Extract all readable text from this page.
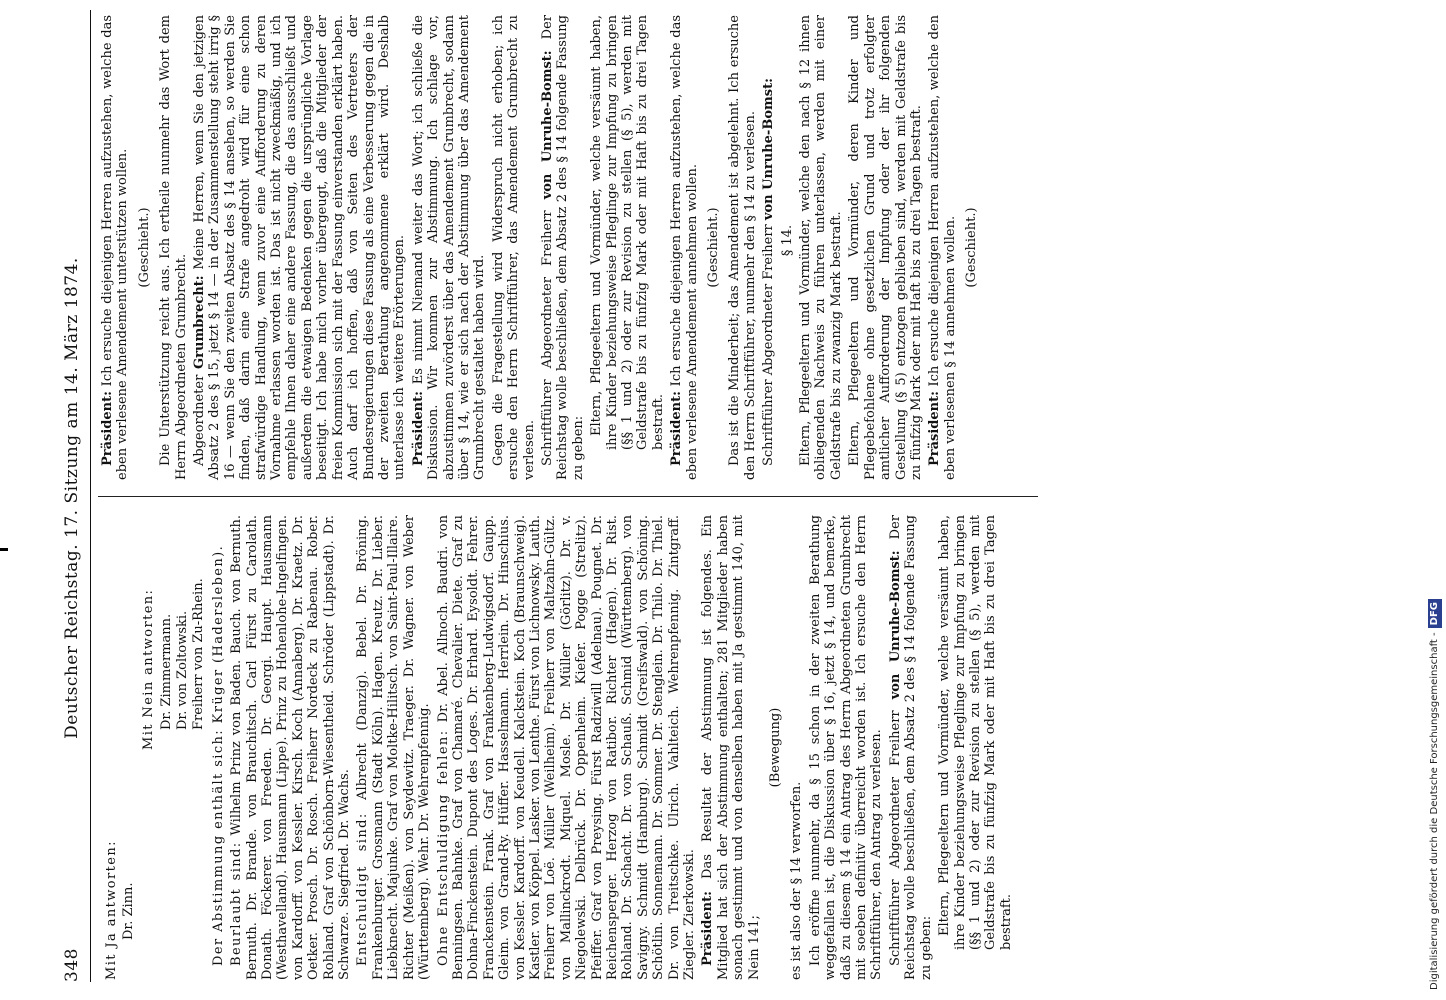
348
Deutscher Reichstag. 17. Sitzung am 14. März 1874.
Mit Ja antworten: Dr. Zinn.
Mit Nein antworten: Dr. Zimmermann. Dr. von Zoltowski. Freiherr von Zu-Rhein. Der Abstimmung enthält sich: Krüger (Hadersleben). Beurlaubt sind: Wilhelm Prinz von Baden. Bauch. von Bernuth. Bernuth. Dr. Brande. von Brauchitsch. Carl Fürst zu Carolath. Donath. Föckerer. von Freeden. Dr. Georgi. Haupt. Hausmann (Westhavelland). Hausmann (Lippe). Prinz zu Hohenlohe-Ingelfingen. von Kardorff. von Kessler. Kirsch. Koch (Annaberg). Dr. Kraetz. Dr. Oetker. Prosch. Dr. Rosch. Freiherr Nordeck zu Rabenau. Rober. Rohland. Graf von Schönborn-Wiesentheid. Schröder (Lippstadt). Dr. Schwarze. Siegfried. Dr. Wachs. Entschuldigt sind: Albrecht (Danzig). Bebel. Dr. Bröning. Frankenburger. Grosmann (Stadt Köln). Hagen. Kreutz. Dr. Lieber. Liebknecht. Majunke. Graf von Moltke-Hilitsch. von Saint-Paul-Illaire. Richter (Meißen). von Seydewitz. Traeger. Dr. Wagner. von Weber (Württemberg). Wehr. Dr. Wehrenpfennig. Ohne Entschuldigung fehlen: Dr. Abel. Allnoch. Baudri. von Benningsen. Bahnke. Graf von Chamaré. Chevalier. Diete. Graf zu Dohna-Finckenstein. Dupont des Loges. Dr. Erhard. Eysoldt. Fehrer. Franckenstein. Frank. Graf von Frankenberg-Ludwigsdorf. Gaupp. Gleim. von Grand-Ry. Hüffer. Hasselmann. Herrlein. Dr. Hinschius. von Kessler. Kardorff. von Keudell. Kalckstein. Koch (Braunschweig). Kastler. von Köppel. Lasker. von Lenthe. Fürst von Lichnowsky. Lauth. Freiherr von Loë. Müller (Weilheim). Freiherr von Maltzahn-Gültz. von Mallinckrodt. Miquel. Mosle. Dr. Müller (Görlitz). Dr. v. Niegolewski. Delbrück. Dr. Oppenheim. Kiefer. Pogge (Strelitz). Pfeiffer. Graf von Preysing. Fürst Radziwill (Adelnau). Pougnet. Dr. Reichensperger. Herzog von Ratibor. Richter (Hagen). Dr. Rist. Rohland. Dr. Schacht. Dr. von Schauß. Schmid (Württemberg). von Savigny. Schmidt (Hamburg). Schmidt (Greifswald). von Schöning. Schötlin. Sonnemann. Dr. Sommer. Dr. Stenglein. Dr. Thilo. Dr. Thiel. Dr. von Treitschke. Ulrich. Vahlteich. Wehrenpfennig. Zintgraff. Ziegler. Zierkowski. Präsident: Das Resultat der Abstimmung ist folgendes. Ein Mitglied hat sich der Abstimmung enthalten; 281 Mitglieder haben sonach gestimmt und von denselben haben mit Ja gestimmt 140, mit Nein 141;

(Bewegung)

es ist also der § 14 verworfen. Ich eröffne nunmehr, da § 15 schon in der zweiten Berathung weggefallen ist, die Diskussion über § 16, jetzt § 14, und bemerke, daß zu diesem § 14 ein Antrag des Herrn Abgeordneten Grumbrecht mit soeben definitiv überreicht worden ist. Ich ersuche den Herrn Schriftführer, den Antrag zu verlesen. Schriftführer Abgeordneter Freiherr von Unruhe-Bomst: Der Reichstag wolle beschließen, dem Absatz 2 des § 14 folgende Fassung zu geben:

Eltern, Pflegeeltern und Vormünder, welche versäumt haben, ihre Kinder beziehungsweise Pfleglinge zur Impfung zu bringen (§§ 1 und 2) oder zur Revision zu stellen (§ 5), werden mit Geldstrafe bis zu fünfzig Mark oder mit Haft bis zu drei Tagen bestraft.

Präsident: Ich ersuche diejenigen Herren aufzustehen, welche das eben verlesene Amendement unterstützen wollen. (Geschieht.) Die Unterstützung reicht aus. Ich ertheile nunmehr das Wort dem Herrn Abgeordneten Grumbrecht. Abgeordneter Grumbrecht: Meine Herren, wenn Sie den jetzigen Absatz 2 des § 15, jetzt § 14 — in der Zusammenstellung steht irrig § 16 — wenn Sie den zweiten Absatz des § 14 ansehen, so werden Sie finden, daß darin eine Strafe angedroht wird für eine schon strafwürdige Handlung, wenn zuvor eine Aufforderung zu deren Vornahme erlassen worden ist. Das ist nicht zweckmäßig, und ich empfehle Ihnen daher eine andere Fassung, die das ausschließt und außerdem die etwaigen Bedenken gegen die ursprüngliche Vorlage beseitigt. Ich habe mich vorher übergeugt, daß die Mitglieder der freien Kommission sich mit der Fassung einverstanden erklärt haben. Auch darf ich hoffen, daß von Seiten des Vertreters der Bundesregierungen diese Fassung als eine Verbesserung gegen die in der zweiten Berathung angenommene erklärt wird. Deshalb unterlasse ich weitere Erörterungen. Präsident: Es nimmt Niemand weiter das Wort; ich schließe die Diskussion. Wir kommen zur Abstimmung. Ich schlage vor, abzustimmen zuvörderst über das Amendement Grumbrecht, sodann über § 14, wie er sich nach der Abstimmung über das Amendement Grumbrecht gestaltet haben wird. Gegen die Fragestellung wird Widerspruch nicht erhoben; ich ersuche den Herrn Schriftführer, das Amendement Grumbrecht zu verlesen. Schriftführer Abgeordneter Freiherr von Unruhe-Bomst: Der Reichstag wolle beschließen, dem Absatz 2 des § 14 folgende Fassung zu geben:

Eltern, Pflegeeltern und Vormünder, welche versäumt haben, ihre Kinder beziehungsweise Pfleglinge zur Impfung zu bringen (§§ 1 und 2) oder zur Revision zu stellen (§ 5), werden mit Geldstrafe bis zu fünfzig Mark oder mit Haft bis zu drei Tagen bestraft. Präsident: Ich ersuche diejenigen Herren aufzustehen, welche das eben verlesene Amendement annehmen wollen. (Geschieht.) Das ist die Minderheit; das Amendement ist abgelehnt. Ich ersuche den Herrn Schriftführer, nunmehr den § 14 zu verlesen. Schriftführer Abgeordneter Freiherr von Unruhe-Bomst:

§ 14. Eltern, Pflegeeltern und Vormünder, welche den nach § 12 ihnen obliegenden Nachweis zu führen unterlassen, werden mit einer Geldstrafe bis zu zwanzig Mark bestraft. Eltern, Pflegeeltern und Vormünder, deren Kinder und Pflegebefohlene ohne gesetzlichen Grund und trotz erfolgter amtlicher Aufforderung der Impfung oder der ihr folgenden Gestellung (§ 5) entzogen geblieben sind, werden mit Geldstrafe bis zu fünfzig Mark oder mit Haft bis zu drei Tagen bestraft. Präsident: Ich ersuche diejenigen Herren aufzustehen, welche den eben verlesenen § 14 annehmen wollen. (Geschieht.)

Digitalisierung gefördert durch die Deutsche Forschungsgemeinschaft -DFG
